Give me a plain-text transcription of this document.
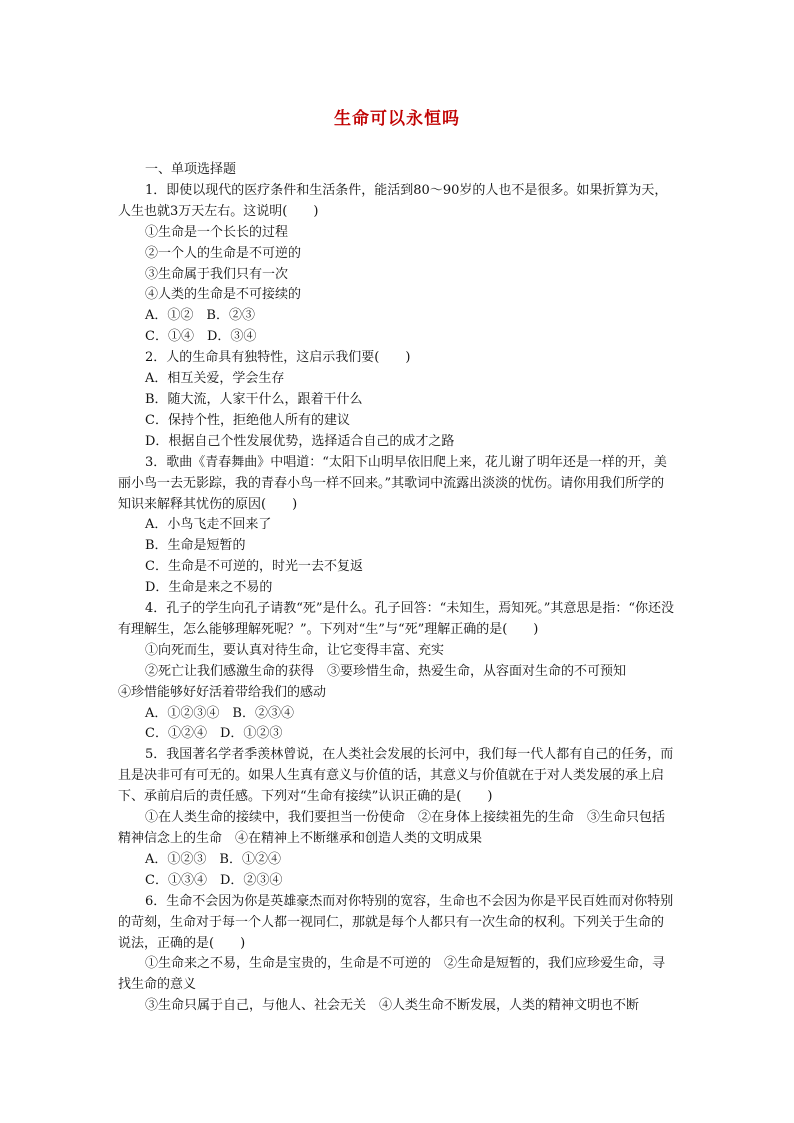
生命可以永恒吗

一、单项选择题

1．即使以现代的医疗条件和生活条件，能活到80～90岁的人也不是很多。如果折算为天，人生也就3万天左右。这说明(　　)

①生命是一个长长的过程

②一个人的生命是不可逆的

③生命属于我们只有一次

④人类的生命是不可接续的

A．①②　B．②③

C．①④　D．③④

2．人的生命具有独特性，这启示我们要(　　)

A．相互关爱，学会生存

B．随大流，人家干什么，跟着干什么

C．保持个性，拒绝他人所有的建议

D．根据自己个性发展优势，选择适合自己的成才之路

3．歌曲《青春舞曲》中唱道：“太阳下山明早依旧爬上来，花儿谢了明年还是一样的开，美丽小鸟一去无影踪，我的青春小鸟一样不回来。”其歌词中流露出淡淡的忧伤。请你用我们所学的知识来解释其忧伤的原因(　　)

A．小鸟飞走不回来了

B．生命是短暂的

C．生命是不可逆的，时光一去不复返

D．生命是来之不易的

4．孔子的学生向孔子请教“死”是什么。孔子回答：“未知生，焉知死。”其意思是指：“你还没有理解生，怎么能够理解死呢？”。下列对“生”与“死”理解正确的是(　　)

①向死而生，要认真对待生命，让它变得丰富、充实

②死亡让我们感激生命的获得　③要珍惜生命，热爱生命，从容面对生命的不可预知

④珍惜能够好好活着带给我们的感动

A．①②③④　B．②③④

C．①②④　D．①②③

5．我国著名学者季羡林曾说，在人类社会发展的长河中，我们每一代人都有自己的任务，而且是决非可有可无的。如果人生真有意义与价值的话，其意义与价值就在于对人类发展的承上启下、承前启后的责任感。下列对“生命有接续”认识正确的是(　　)

①在人类生命的接续中，我们要担当一份使命　②在身体上接续祖先的生命　③生命只包括精神信念上的生命　④在精神上不断继承和创造人类的文明成果

A．①②③　B．①②④

C．①③④　D．②③④

6．生命不会因为你是英雄豪杰而对你特别的宽容，生命也不会因为你是平民百姓而对你特别的苛刻，生命对于每一个人都一视同仁，那就是每个人都只有一次生命的权利。下列关于生命的说法，正确的是(　　)

①生命来之不易，生命是宝贵的，生命是不可逆的　②生命是短暂的，我们应珍爱生命，寻找生命的意义

③生命只属于自己，与他人、社会无关　④人类生命不断发展，人类的精神文明也不断
